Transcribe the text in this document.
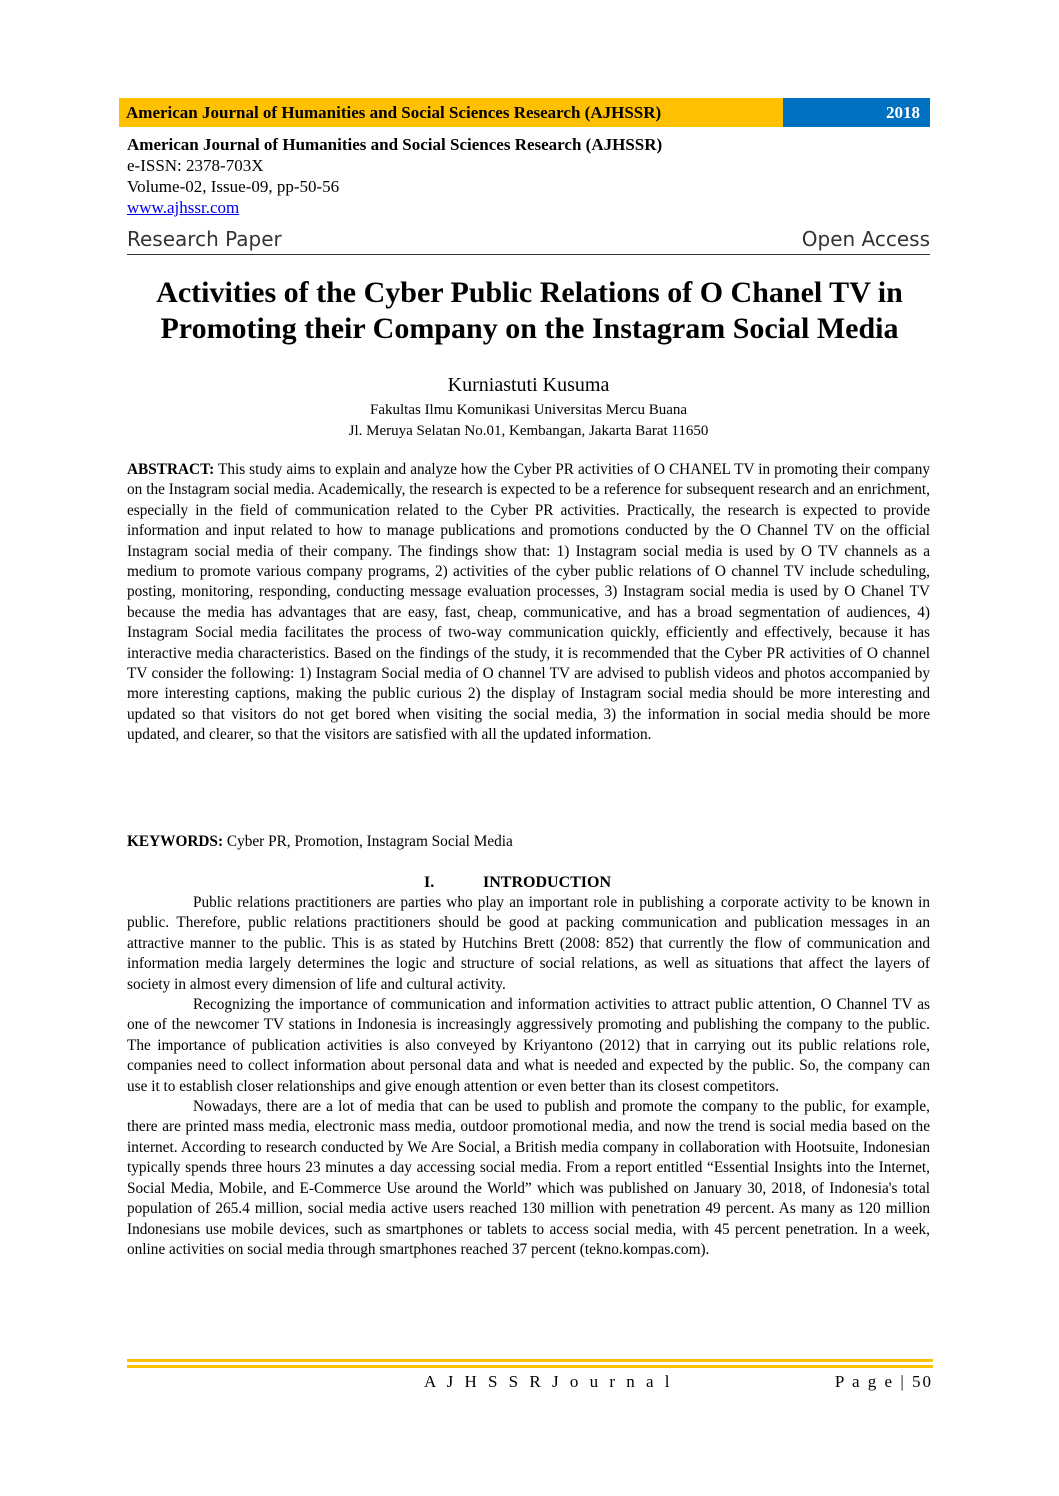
American Journal of Humanities and Social Sciences Research (AJHSSR)	2018
American Journal of Humanities and Social Sciences Research (AJHSSR)
e-ISSN: 2378-703X
Volume-02, Issue-09, pp-50-56
www.ajhssr.com
Research Paper	Open Access
Activities of the Cyber Public Relations of O Chanel TV in Promoting their Company on the Instagram Social Media
Kurniastuti Kusuma
Fakultas Ilmu Komunikasi Universitas Mercu Buana
Jl. Meruya Selatan No.01, Kembangan, Jakarta Barat 11650
ABSTRACT: This study aims to explain and analyze how the Cyber PR activities of O CHANEL TV in promoting their company on the Instagram social media. Academically, the research is expected to be a reference for subsequent research and an enrichment, especially in the field of communication related to the Cyber PR activities. Practically, the research is expected to provide information and input related to how to manage publications and promotions conducted by the O Channel TV on the official Instagram social media of their company. The findings show that: 1) Instagram social media is used by O TV channels as a medium to promote various company programs, 2) activities of the cyber public relations of O channel TV include scheduling, posting, monitoring, responding, conducting message evaluation processes, 3) Instagram social media is used by O Chanel TV because the media has advantages that are easy, fast, cheap, communicative, and has a broad segmentation of audiences, 4) Instagram Social media facilitates the process of two-way communication quickly, efficiently and effectively, because it has interactive media characteristics. Based on the findings of the study, it is recommended that the Cyber PR activities of O channel TV consider the following: 1) Instagram Social media of O channel TV are advised to publish videos and photos accompanied by more interesting captions, making the public curious 2) the display of Instagram social media should be more interesting and updated so that visitors do not get bored when visiting the social media, 3) the information in social media should be more updated, and clearer, so that the visitors are satisfied with all the updated information.
KEYWORDS: Cyber PR, Promotion, Instagram Social Media
I.	INTRODUCTION

Public relations practitioners are parties who play an important role in publishing a corporate activity to be known in public. Therefore, public relations practitioners should be good at packing communication and publication messages in an attractive manner to the public. This is as stated by Hutchins Brett (2008: 852) that currently the flow of communication and information media largely determines the logic and structure of social relations, as well as situations that affect the layers of society in almost every dimension of life and cultural activity.

Recognizing the importance of communication and information activities to attract public attention, O Channel TV as one of the newcomer TV stations in Indonesia is increasingly aggressively promoting and publishing the company to the public. The importance of publication activities is also conveyed by Kriyantono (2012) that in carrying out its public relations role, companies need to collect information about personal data and what is needed and expected by the public. So, the company can use it to establish closer relationships and give enough attention or even better than its closest competitors.

Nowadays, there are a lot of media that can be used to publish and promote the company to the public, for example, there are printed mass media, electronic mass media, outdoor promotional media, and now the trend is social media based on the internet. According to research conducted by We Are Social, a British media company in collaboration with Hootsuite, Indonesian typically spends three hours 23 minutes a day accessing social media. From a report entitled “Essential Insights into the Internet, Social Media, Mobile, and E-Commerce Use around the World” which was published on January 30, 2018, of Indonesia's total population of 265.4 million, social media active users reached 130 million with penetration 49 percent. As many as 120 million Indonesians use mobile devices, such as smartphones or tablets to access social media, with 45 percent penetration. In a week, online activities on social media through smartphones reached 37 percent (tekno.kompas.com).

A J H S S R J o u r n a l	P a g e | 50
